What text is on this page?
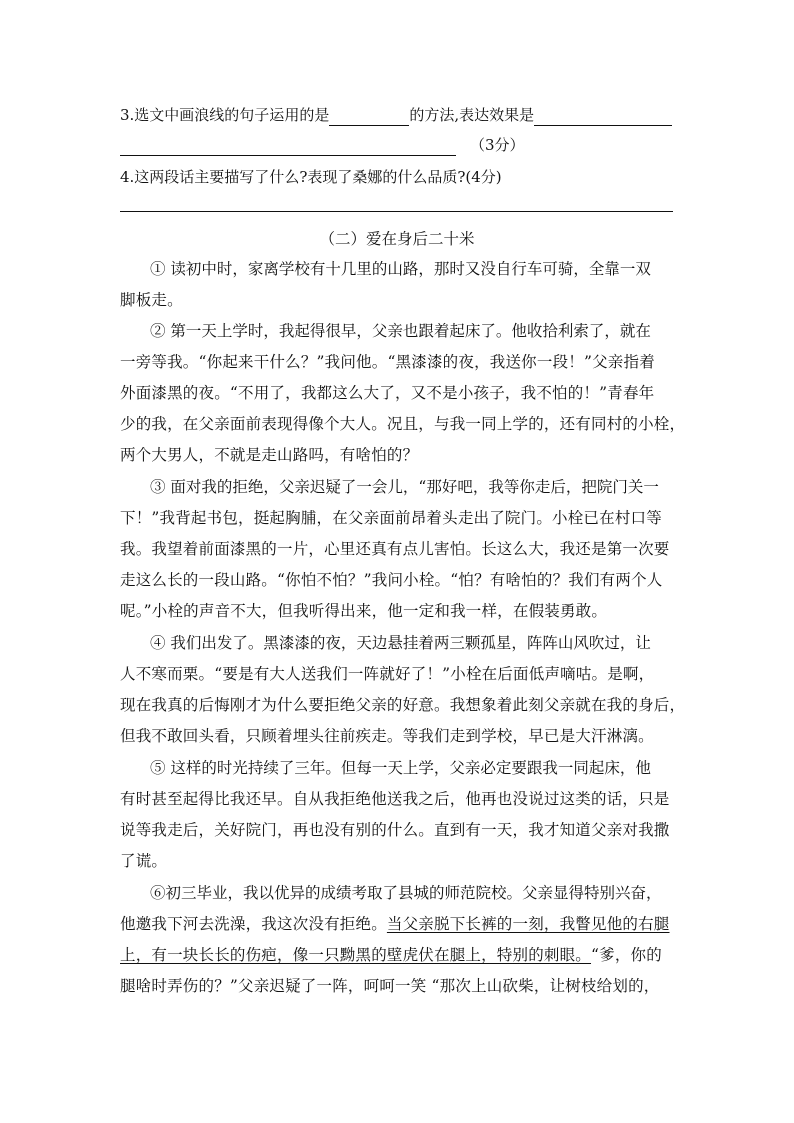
3.选文中画浪线的句子运用的是	的方法,表达效果是
（3分）
4.这两段话主要描写了什么?表现了桑娜的什么品质?(4分)
（二）爱在身后二十米
① 读初中时，家离学校有十几里的山路，那时又没自行车可骑，全靠一双
脚板走。
② 第一天上学时，我起得很早，父亲也跟着起床了。他收拾利索了，就在
一旁等我。“你起来干什么？”我问他。“黑漆漆的夜，我送你一段！”父亲指着
外面漆黑的夜。“不用了，我都这么大了，又不是小孩子，我不怕的！”青春年
少的我，在父亲面前表现得像个大人。况且，与我一同上学的，还有同村的小栓，
两个大男人，不就是走山路吗，有啥怕的？
③ 面对我的拒绝，父亲迟疑了一会儿，“那好吧，我等你走后，把院门关一
下！”我背起书包，挺起胸脯，在父亲面前昂着头走出了院门。小栓已在村口等
我。我望着前面漆黑的一片，心里还真有点儿害怕。长这么大，我还是第一次要
走这么长的一段山路。“你怕不怕？”我问小栓。“怕？有啥怕的？我们有两个人
呢。”小栓的声音不大，但我听得出来，他一定和我一样，在假装勇敢。
④ 我们出发了。黑漆漆的夜，天边悬挂着两三颗孤星，阵阵山风吹过，让
人不寒而栗。“要是有大人送我们一阵就好了！”小栓在后面低声嘀咕。是啊，
现在我真的后悔刚才为什么要拒绝父亲的好意。我想象着此刻父亲就在我的身后，
但我不敢回头看，只顾着埋头往前疾走。等我们走到学校，早已是大汗淋漓。
⑤ 这样的时光持续了三年。但每一天上学，父亲必定要跟我一同起床，他
有时甚至起得比我还早。自从我拒绝他送我之后，他再也没说过这类的话，只是
说等我走后，关好院门，再也没有别的什么。直到有一天，我才知道父亲对我撒
了谎。
⑥初三毕业，我以优异的成绩考取了县城的师范院校。父亲显得特别兴奋，
他邀我下河去洗澡，我这次没有拒绝。当父亲脱下长裤的一刻，我瞥见他的右腿
上，有一块长长的伤疤，像一只黝黑的壁虎伏在腿上，特别的刺眼。“爹，你的
腿啥时弄伤的？”父亲迟疑了一阵，呵呵一笑 “那次上山砍柴，让树枝给划的，
